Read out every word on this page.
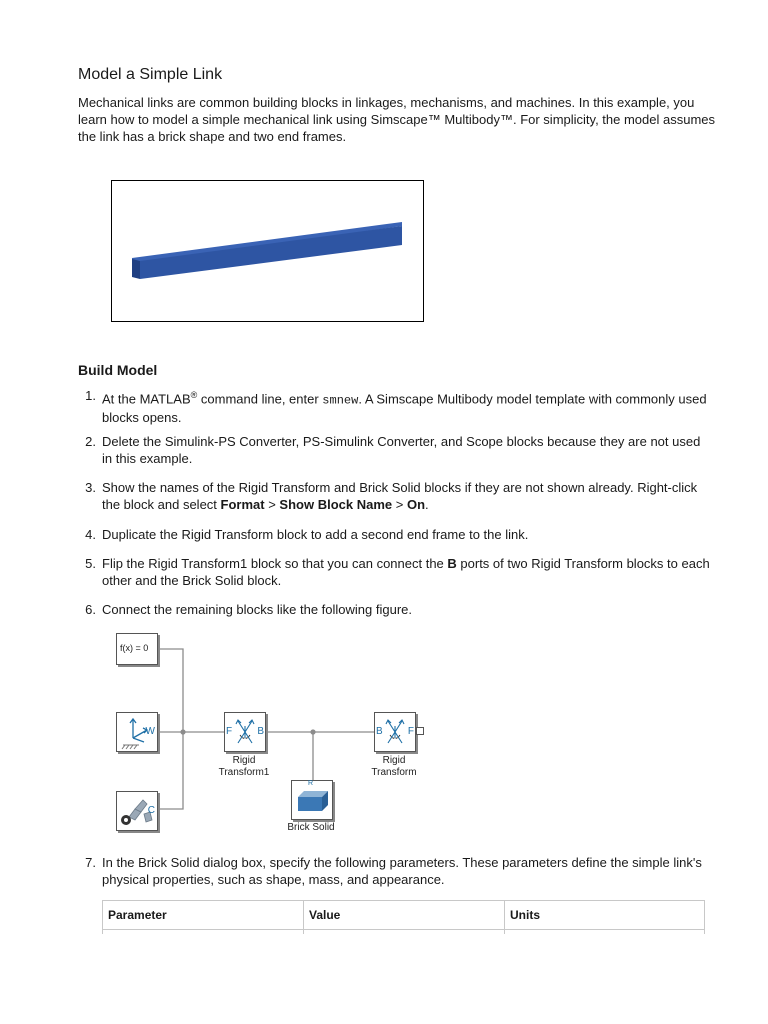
Model a Simple Link

Mechanical links are common building blocks in linkages, mechanisms, and machines. In this example, you learn how to model a simple mechanical link using Simscape™ Multibody™. For simplicity, the model assumes the link has a brick shape and two end frames.

Build Model
1. At the MATLAB® command line, enter smnew. A Simscape Multibody model template with commonly used blocks opens.
2. Delete the Simulink-PS Converter, PS-Simulink Converter, and Scope blocks because they are not used in this example.
3. Show the names of the Rigid Transform and Brick Solid blocks if they are not shown already. Right-click the block and select Format > Show Block Name > On.
4. Duplicate the Rigid Transform block to add a second end frame to the link.
5. Flip the Rigid Transform1 block so that you can connect the B ports of two Rigid Transform blocks to each other and the Brick Solid block.
6. Connect the remaining blocks like the following figure.
f(x) = 0
W
C
F	B
Rigid
Transform1
B	F
Rigid
Transform
R
Brick Solid
7. In the Brick Solid dialog box, specify the following parameters. These parameters define the simple link's physical properties, such as shape, mass, and appearance.
Parameter	Value	Units
